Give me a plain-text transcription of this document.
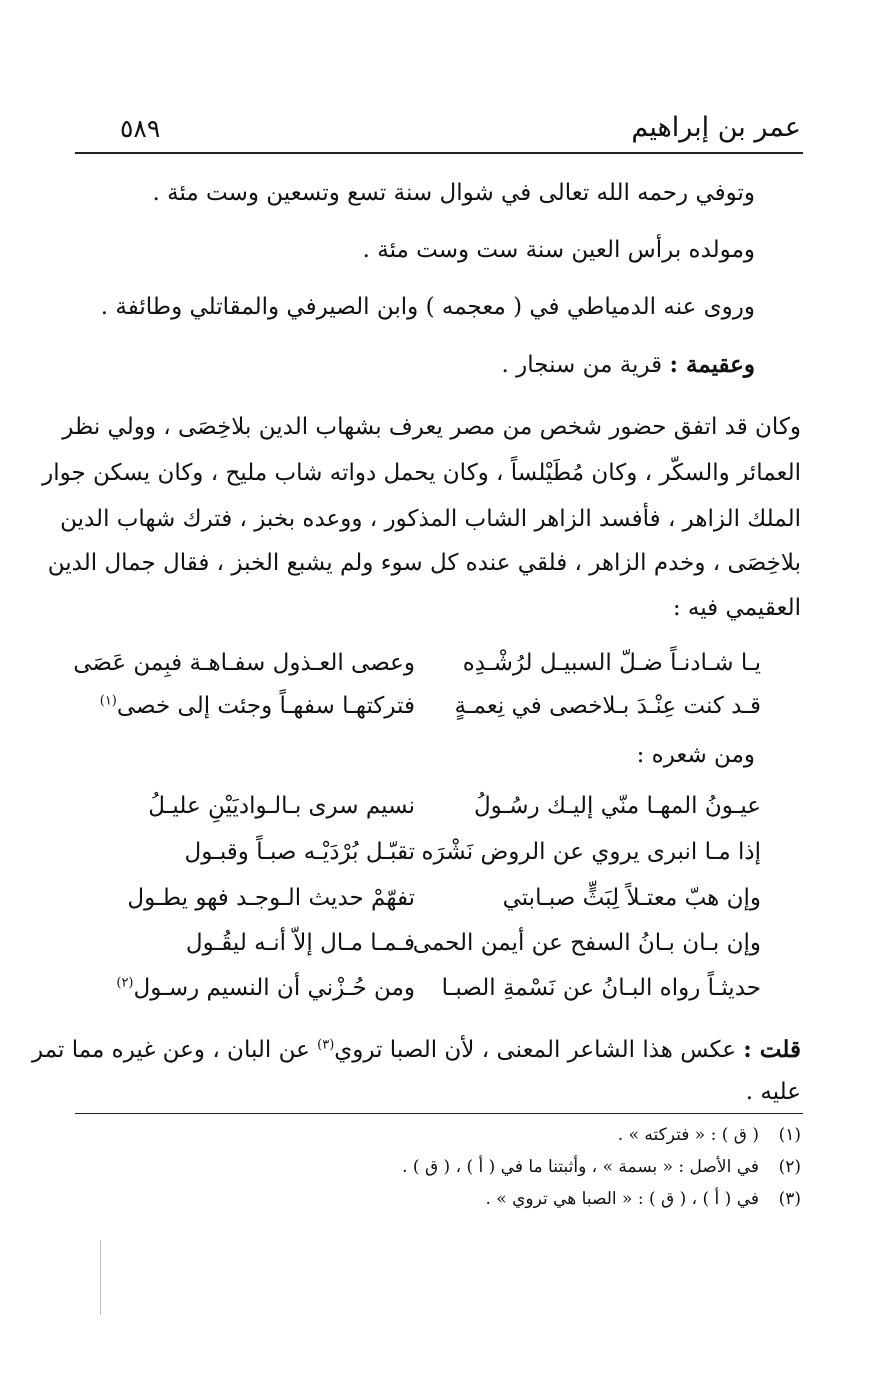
عمر بن إبراهيم
٥٨٩
وتوفي رحمه الله تعالى في شوال سنة تسع وتسعين وست مئة .
ومولده برأس العين سنة ست وست مئة .
وروى عنه الدمياطي في ( معجمه ) وابن الصيرفي والمقاتلي وطائفة .
وعقيمة : قرية من سنجار .
وكان قد اتفق حضور شخص من مصر يعرف بشهاب الدين بلاخِصَى ، وولي نظر
العمائر والسكّر ، وكان مُطَيْلساً ، وكان يحمل دواته شاب مليح ، وكان يسكن جوار
الملك الزاهر ، فأفسد الزاهر الشاب المذكور ، ووعده بخبز ، فترك شهاب الدين
بلاخِصَى ، وخدم الزاهر ، فلقي عنده كل سوء ولم يشبع الخبز ، فقال جمال الدين
العقيمي فيه :
يـا شـادنـاً ضـلّ السبيـل لرُشْـدِه
وعصى العـذول سفـاهـة فبِمن عَصَى
قـد كنت عِنْـدَ بـلاخصى في نِعمـةٍ
فتركتهـا سفهـاً وجئت إلى خصى$^{(١)}$
ومن شعره :
عيـونُ المهـا منّي إليـك رسُـولُ
نسيم سرى بـالـواديَيْنِ عليـلُ
إذا مـا انبرى يروي عن الروض نَشْرَه
تقبّـل بُرْدَيْـه صبـاً وقبـول
وإن هبّ معتـلاً لِبَثٍّ صبـابتي
تفهّمْ حديث الـوجـد فهو يطـول
وإن بـان بـانُ السفح عن أيمن الحمى
فـمـا مـال إلاّ أنـه ليقُـول
حديثـاً رواه البـانُ عن نَسْمةِ الصبـا
ومن حُـزْني أن النسيم رسـول$^{(٢)}$
قلت : عكس هذا الشاعر المعنى ، لأن الصبا تروي$^{(٣)}$ عن البان ، وعن غيره مما تمر
عليه .
(١)( ق ) : « فتركته » .
(٢)في الأصل : « بسمة » ، وأثبتنا ما في ( أ ) ، ( ق ) .
(٣)في ( أ ) ، ( ق ) : « الصبا هي تروي » .
